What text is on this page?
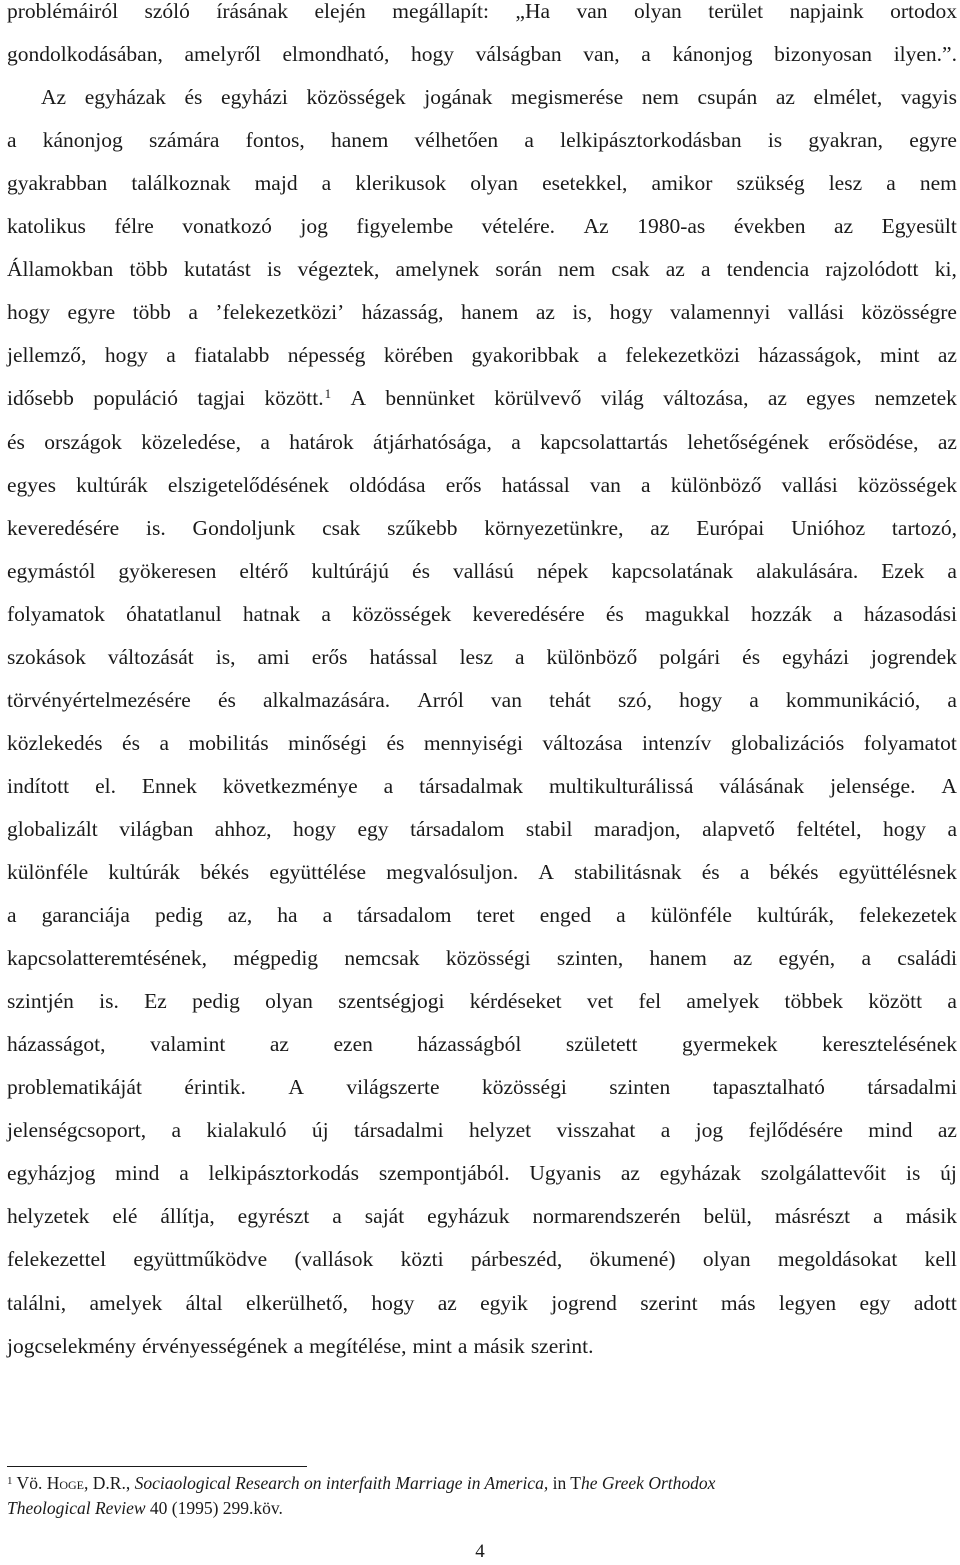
problémáiról szóló írásának elején megállapít: „Ha van olyan terület napjaink ortodox
gondolkodásában, amelyről elmondható, hogy válságban van, a kánonjog bizonyosan ilyen.”.
Az egyházak és egyházi közösségek jogának megismerése nem csupán az elmélet, vagyis
a kánonjog számára fontos, hanem vélhetően a lelkipásztorkodásban is gyakran, egyre
gyakrabban találkoznak majd a klerikusok olyan esetekkel, amikor szükség lesz a nem
katolikus félre vonatkozó jog figyelembe vételére. Az 1980-as években az Egyesült
Államokban több kutatást is végeztek, amelynek során nem csak az a tendencia rajzolódott ki,
hogy egyre több a ’felekezetközi’ házasság, hanem az is, hogy valamennyi vallási közösségre
jellemző, hogy a fiatalabb népesség körében gyakoribbak a felekezetközi házasságok, mint az
idősebb populáció tagjai között.$^1$ A bennünket körülvevő világ változása, az egyes nemzetek
és országok közeledése, a határok átjárhatósága, a kapcsolattartás lehetőségének erősödése, az
egyes kultúrák elszigetelődésének oldódása erős hatással van a különböző vallási közösségek
keveredésére is. Gondoljunk csak szűkebb környezetünkre, az Európai Unióhoz tartozó,
egymástól gyökeresen eltérő kultúrájú és vallású népek kapcsolatának alakulására. Ezek a
folyamatok óhatatlanul hatnak a közösségek keveredésére és magukkal hozzák a házasodási
szokások változását is, ami erős hatással lesz a különböző polgári és egyházi jogrendek
törvényértelmezésére és alkalmazására. Arról van tehát szó, hogy a kommunikáció, a
közlekedés és a mobilitás minőségi és mennyiségi változása intenzív globalizációs folyamatot
indított el. Ennek következménye a társadalmak multikulturálissá válásának jelensége. A
globalizált világban ahhoz, hogy egy társadalom stabil maradjon, alapvető feltétel, hogy a
különféle kultúrák békés együttélése megvalósuljon. A stabilitásnak és a békés együttélésnek
a garanciája pedig az, ha a társadalom teret enged a különféle kultúrák, felekezetek
kapcsolatteremtésének, mégpedig nemcsak közösségi szinten, hanem az egyén, a családi
szintjén is. Ez pedig olyan szentségjogi kérdéseket vet fel amelyek többek között a
házasságot, valamint az ezen házasságból született gyermekek keresztelésének
problematikáját érintik. A világszerte közösségi szinten tapasztalható társadalmi
jelenségcsoport, a kialakuló új társadalmi helyzet visszahat a jog fejlődésére mind az
egyházjog mind a lelkipásztorkodás szempontjából. Ugyanis az egyházak szolgálattevőit is új
helyzetek elé állítja, egyrészt a saját egyházuk normarendszerén belül, másrészt a másik
felekezettel együttműködve (vallások közti párbeszéd, ökumené) olyan megoldásokat kell
találni, amelyek által elkerülhető, hogy az egyik jogrend szerint más legyen egy adott
jogcselekmény érvényességének a megítélése, mint a másik szerint.
$^1$ Vö. Hoge, D.R., Sociaological Research on interfaith Marriage in America, in The Greek Orthodox
Theological Review 40 (1995) 299.köv.
4
